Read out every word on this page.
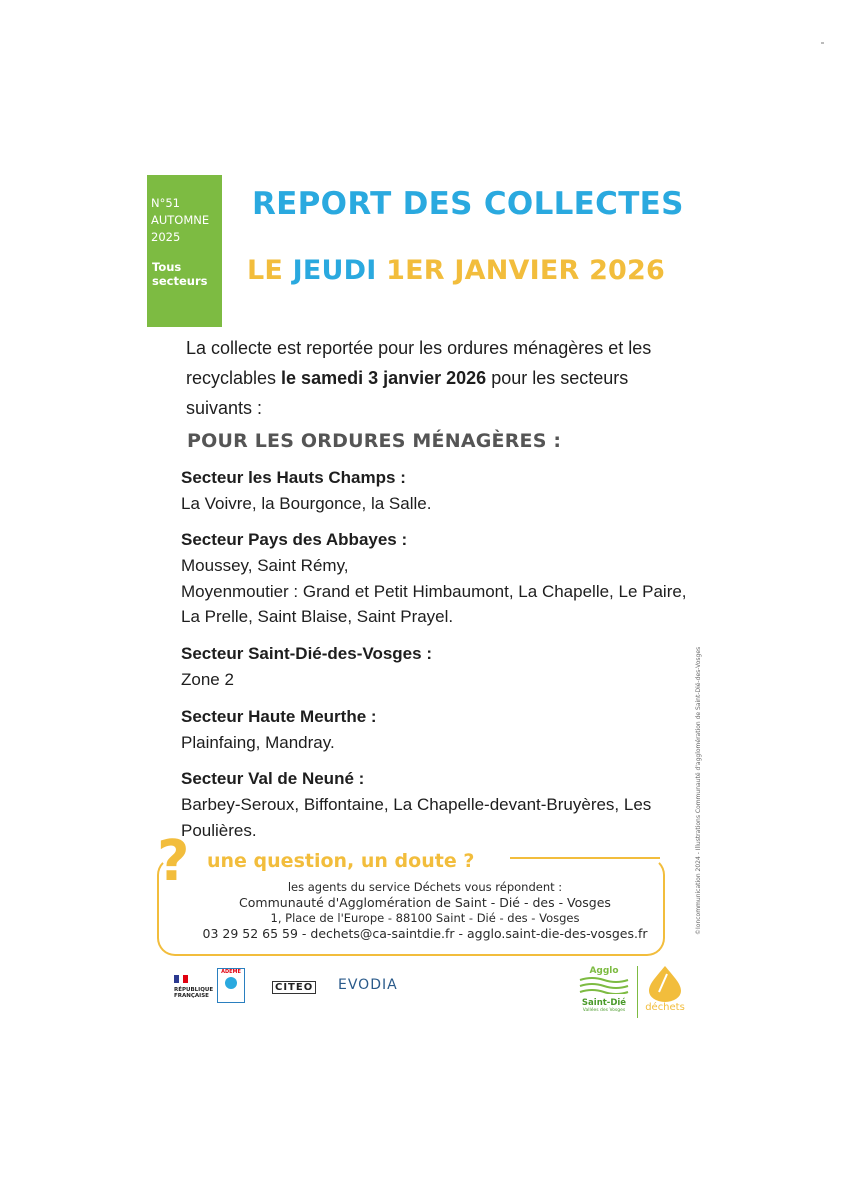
N°51
AUTOMNE
2025
Tous
secteurs
REPORT DES COLLECTES
LE JEUDI 1ER JANVIER 2026
La collecte est reportée pour les ordures ménagères et les recyclables le samedi 3 janvier 2026 pour les secteurs suivants :
POUR LES ORDURES MÉNAGÈRES :
Secteur les Hauts Champs :
La Voivre, la Bourgonce, la Salle.
Secteur Pays des Abbayes :
Moussey, Saint Rémy,
Moyenmoutier : Grand et Petit Himbaumont, La Chapelle, Le Paire,
La Prelle, Saint Blaise, Saint Prayel.
Secteur Saint-Dié-des-Vosges :
Zone 2
Secteur Haute Meurthe :
Plainfaing, Mandray.
Secteur Val de Neuné :
Barbey-Seroux, Biffontaine, La Chapelle-devant-Bruyères, Les
Poulières.
? une question, un doute ?
les agents du service Déchets vous répondent :
Communauté d'Agglomération de Saint - Dié - des - Vosges
1, Place de l'Europe - 88100 Saint - Dié - des - Vosges
03 29 52 65 59 - dechets@ca-saintdie.fr - agglo.saint-die-des-vosges.fr	©Ioncommunication 2024 - Illustrations Communauté d'agglomération de Saint-Dié-des-Vosges
RÉPUBLIQUE
FRANÇAISE
ADEME
CITEO EVODIA
Agglo
Saint-Dié
Vallées des Vosges	déchets
